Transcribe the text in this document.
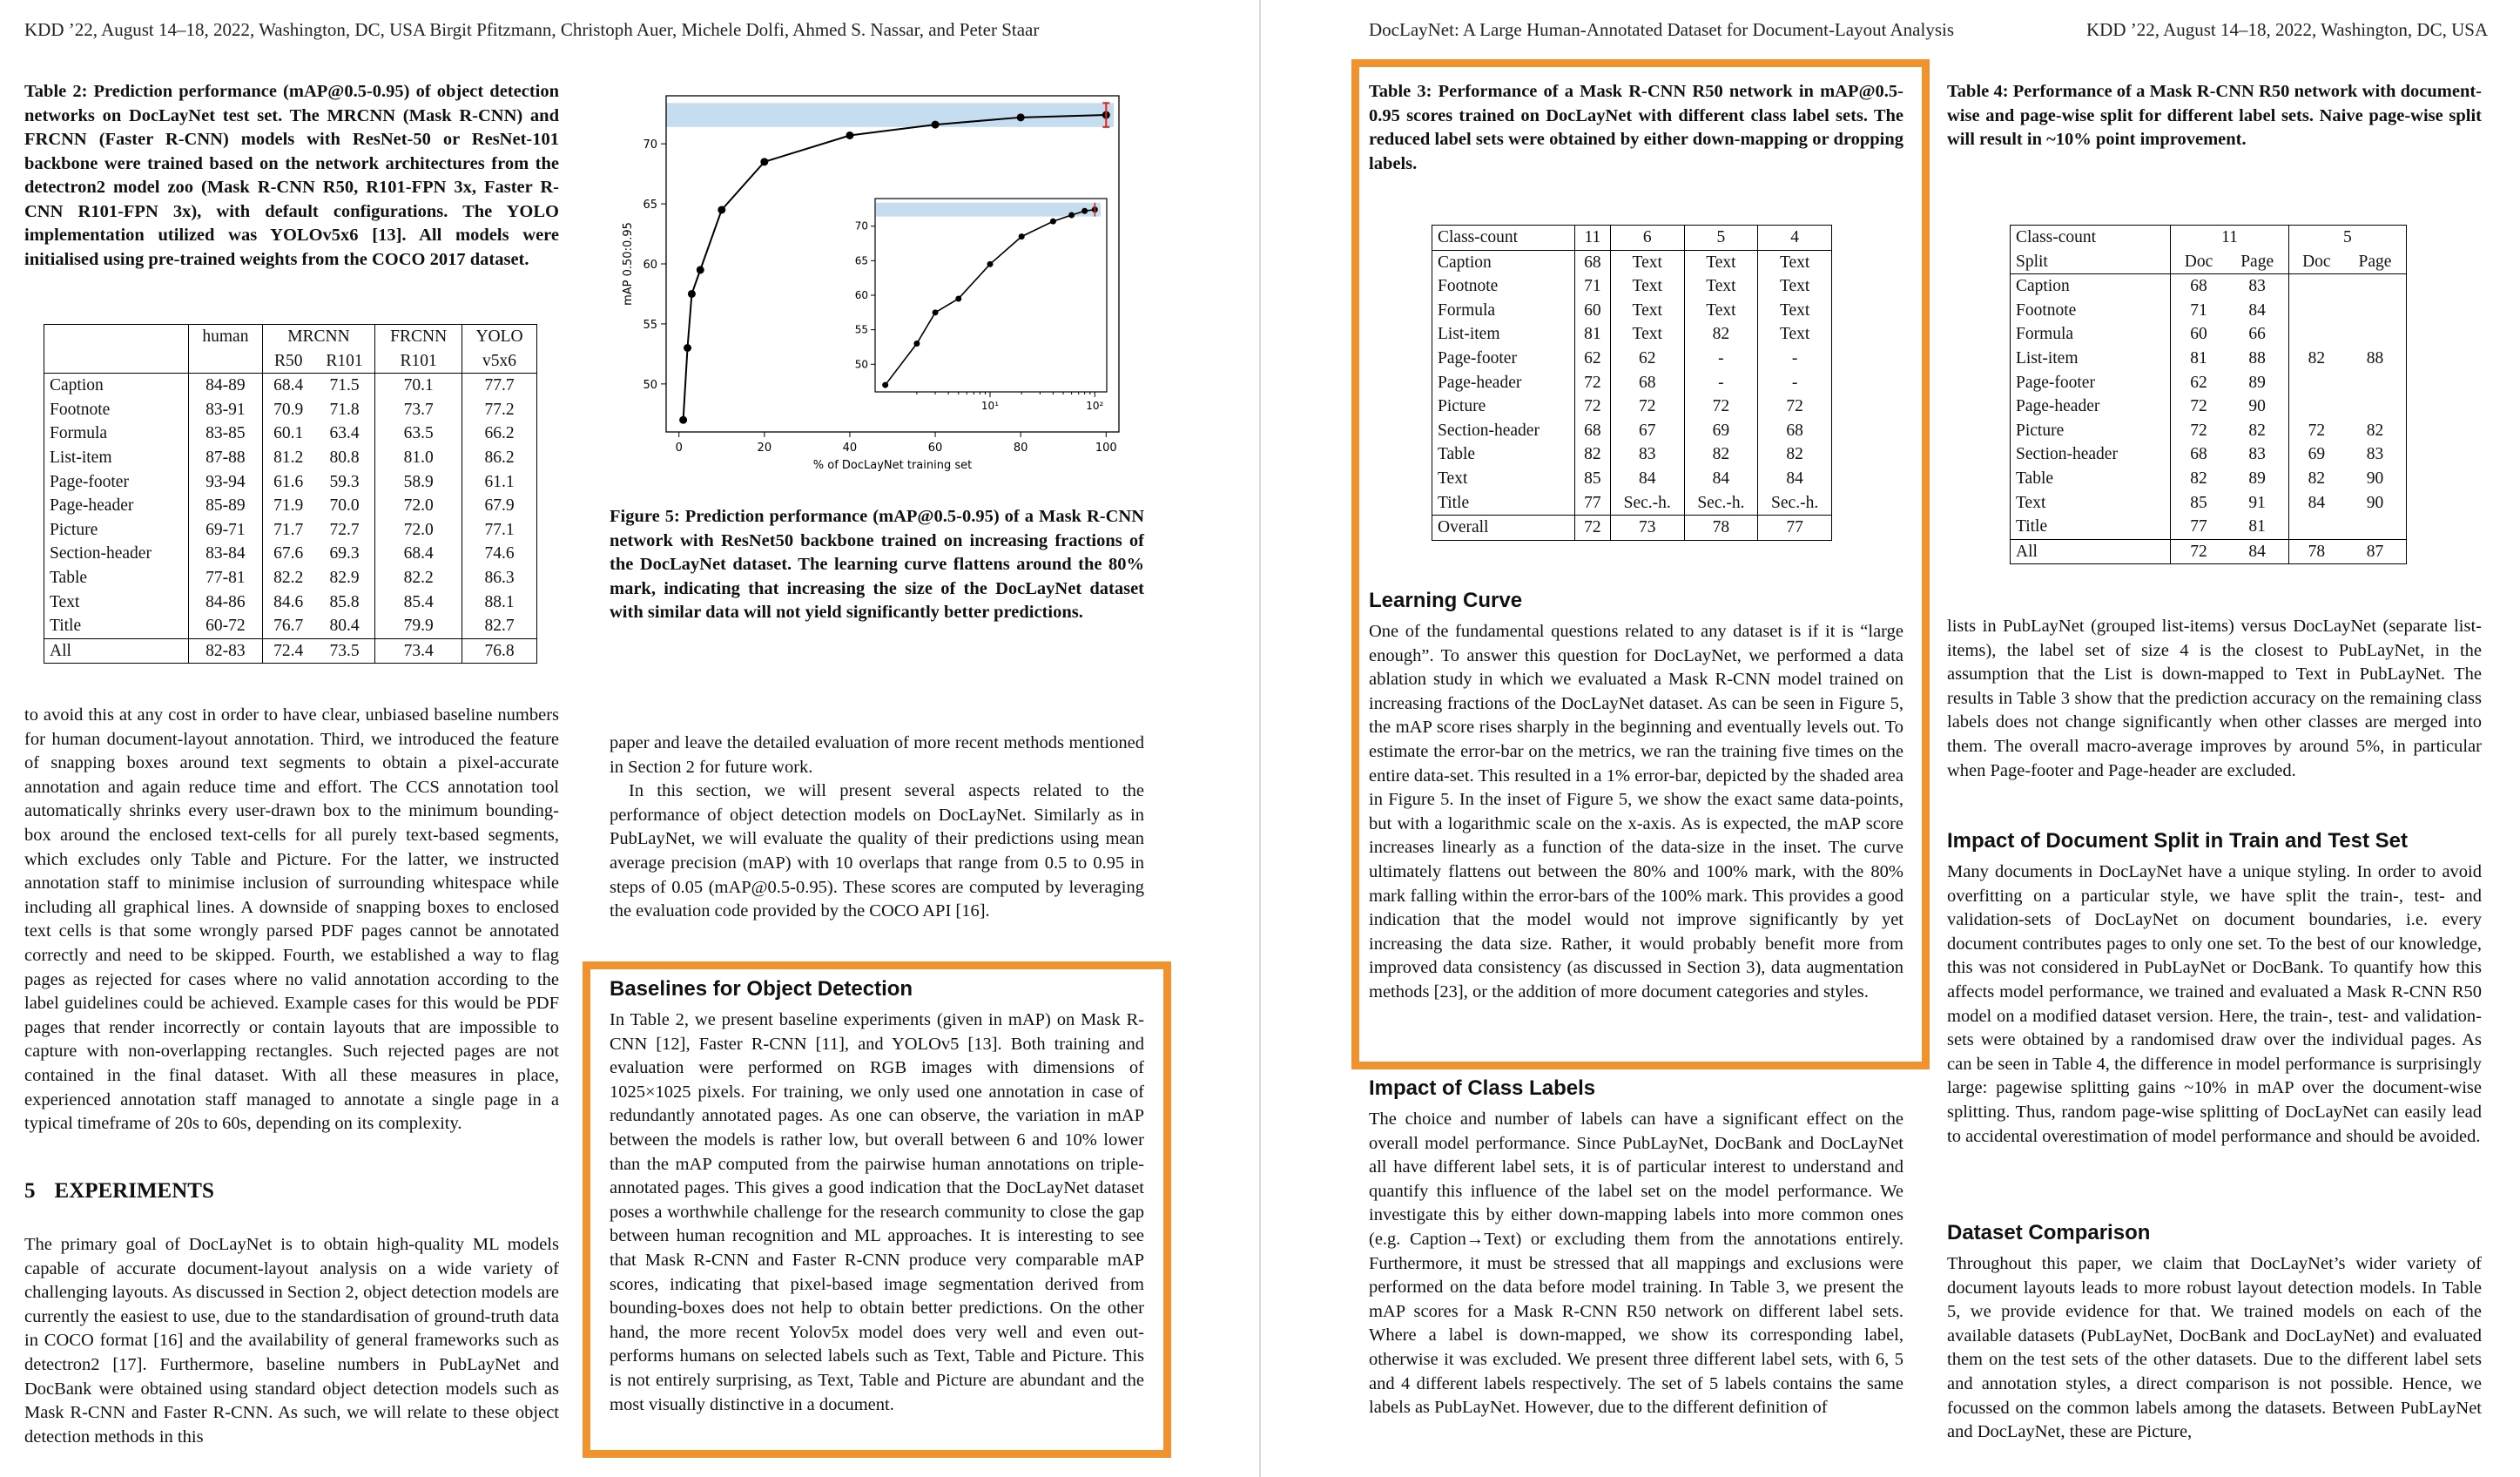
KDD ’22, August 14–18, 2022, Washington, DC, USA Birgit Pfitzmann, Christoph Auer, Michele Dolfi, Ahmed S. Nassar, and Peter Staar
Table 2: Prediction performance (mAP@0.5-0.95) of object detection networks on DocLayNet test set. The MRCNN (Mask R-CNN) and FRCNN (Faster R-CNN) models with ResNet-50 or ResNet-101 backbone were trained based on the network architectures from the detectron2 model zoo (Mask R-CNN R50, R101-FPN 3x, Faster R-CNN R101-FPN 3x), with default configurations. The YOLO implementation utilized was YOLOv5x6 [13]. All models were initialised using pre-trained weights from the COCO 2017 dataset.
	human	MRCNN		FRCNN	YOLO
		R50	R101	R101	v5x6
Caption	84-89	68.4	71.5	70.1	77.7
Footnote	83-91	70.9	71.8	73.7	77.2
Formula	83-85	60.1	63.4	63.5	66.2
List-item	87-88	81.2	80.8	81.0	86.2
Page-footer	93-94	61.6	59.3	58.9	61.1
Page-header	85-89	71.9	70.0	72.0	67.9
Picture	69-71	71.7	72.7	72.0	77.1
Section-header	83-84	67.6	69.3	68.4	74.6
Table	77-81	82.2	82.9	82.2	86.3
Text	84-86	84.6	85.8	85.4	88.1
Title	60-72	76.7	80.4	79.9	82.7
All	82-83	72.4	73.5	73.4	76.8
0	20	40	60	80	100
50
55
60
65
70
% of DocLayNet training set
mAP 0.50:0.95
50
55
60
65
70
10¹	10²
Figure 5: Prediction performance (mAP@0.5-0.95) of a Mask R-CNN network with ResNet50 backbone trained on increasing fractions of the DocLayNet dataset. The learning curve flattens around the 80% mark, indicating that increasing the size of the DocLayNet dataset with similar data will not yield significantly better predictions.
to avoid this at any cost in order to have clear, unbiased baseline numbers for human document-layout annotation. Third, we introduced the feature of snapping boxes around text segments to obtain a pixel-accurate annotation and again reduce time and effort. The CCS annotation tool automatically shrinks every user-drawn box to the minimum bounding-box around the enclosed text-cells for all purely text-based segments, which excludes only Table and Picture. For the latter, we instructed annotation staff to minimise inclusion of surrounding whitespace while including all graphical lines. A downside of snapping boxes to enclosed text cells is that some wrongly parsed PDF pages cannot be annotated correctly and need to be skipped. Fourth, we established a way to flag pages as rejected for cases where no valid annotation according to the label guidelines could be achieved. Example cases for this would be PDF pages that render incorrectly or contain layouts that are impossible to capture with non-overlapping rectangles. Such rejected pages are not contained in the final dataset. With all these measures in place, experienced annotation staff managed to annotate a single page in a typical timeframe of 20s to 60s, depending on its complexity.
5 EXPERIMENTS
The primary goal of DocLayNet is to obtain high-quality ML models capable of accurate document-layout analysis on a wide variety of challenging layouts. As discussed in Section 2, object detection models are currently the easiest to use, due to the standardisation of ground-truth data in COCO format [16] and the availability of general frameworks such as detectron2 [17]. Furthermore, baseline numbers in PubLayNet and DocBank were obtained using standard object detection models such as Mask R-CNN and Faster R-CNN. As such, we will relate to these object detection methods in this

paper and leave the detailed evaluation of more recent methods mentioned in Section 2 for future work.

In this section, we will present several aspects related to the performance of object detection models on DocLayNet. Similarly as in PubLayNet, we will evaluate the quality of their predictions using mean average precision (mAP) with 10 overlaps that range from 0.5 to 0.95 in steps of 0.05 (mAP@0.5-0.95). These scores are computed by leveraging the evaluation code provided by the COCO API [16].

Baselines for Object Detection
In Table 2, we present baseline experiments (given in mAP) on Mask R-CNN [12], Faster R-CNN [11], and YOLOv5 [13]. Both training and evaluation were performed on RGB images with dimensions of 1025×1025 pixels. For training, we only used one annotation in case of redundantly annotated pages. As one can observe, the variation in mAP between the models is rather low, but overall between 6 and 10% lower than the mAP computed from the pairwise human annotations on triple-annotated pages. This gives a good indication that the DocLayNet dataset poses a worthwhile challenge for the research community to close the gap between human recognition and ML approaches. It is interesting to see that Mask R-CNN and Faster R-CNN produce very comparable mAP scores, indicating that pixel-based image segmentation derived from bounding-boxes does not help to obtain better predictions. On the other hand, the more recent Yolov5x model does very well and even out-performs humans on selected labels such as Text, Table and Picture. This is not entirely surprising, as Text, Table and Picture are abundant and the most visually distinctive in a document.
DocLayNet: A Large Human-Annotated Dataset for Document-Layout Analysis	KDD ’22, August 14–18, 2022, Washington, DC, USA
Table 3: Performance of a Mask R-CNN R50 network in mAP@0.5-0.95 scores trained on DocLayNet with different class label sets. The reduced label sets were obtained by either down-mapping or dropping labels.
Class-count	11	6	5	4
Caption	68	Text	Text	Text
Footnote	71	Text	Text	Text
Formula	60	Text	Text	Text
List-item	81	Text	82	Text
Page-footer	62	62	-	-
Page-header	72	68	-	-
Picture	72	72	72	72
Section-header	68	67	69	68
Table	82	83	82	82
Text	85	84	84	84
Title	77	Sec.-h.	Sec.-h.	Sec.-h.
Overall	72	73	78	77
Learning Curve
One of the fundamental questions related to any dataset is if it is “large enough”. To answer this question for DocLayNet, we performed a data ablation study in which we evaluated a Mask R-CNN model trained on increasing fractions of the DocLayNet dataset. As can be seen in Figure 5, the mAP score rises sharply in the beginning and eventually levels out. To estimate the error-bar on the metrics, we ran the training five times on the entire data-set. This resulted in a 1% error-bar, depicted by the shaded area in Figure 5. In the inset of Figure 5, we show the exact same data-points, but with a logarithmic scale on the x-axis. As is expected, the mAP score increases linearly as a function of the data-size in the inset. The curve ultimately flattens out between the 80% and 100% mark, with the 80% mark falling within the error-bars of the 100% mark. This provides a good indication that the model would not improve significantly by yet increasing the data size. Rather, it would probably benefit more from improved data consistency (as discussed in Section 3), data augmentation methods [23], or the addition of more document categories and styles.
Impact of Class Labels
The choice and number of labels can have a significant effect on the overall model performance. Since PubLayNet, DocBank and DocLayNet all have different label sets, it is of particular interest to understand and quantify this influence of the label set on the model performance. We investigate this by either down-mapping labels into more common ones (e.g. Caption→Text) or excluding them from the annotations entirely. Furthermore, it must be stressed that all mappings and exclusions were performed on the data before model training. In Table 3, we present the mAP scores for a Mask R-CNN R50 network on different label sets. Where a label is down-mapped, we show its corresponding label, otherwise it was excluded. We present three different label sets, with 6, 5 and 4 different labels respectively. The set of 5 labels contains the same labels as PubLayNet. However, due to the different definition of
Table 4: Performance of a Mask R-CNN R50 network with document-wise and page-wise split for different label sets. Naive page-wise split will result in ~10% point improvement.
Class-count	11		5	
Split	Doc	Page	Doc	Page
Caption	68	83		
Footnote	71	84		
Formula	60	66		
List-item	81	88	82	88
Page-footer	62	89		
Page-header	72	90		
Picture	72	82	72	82
Section-header	68	83	69	83
Table	82	89	82	90
Text	85	91	84	90
Title	77	81		
All	72	84	78	87
lists in PubLayNet (grouped list-items) versus DocLayNet (separate list-items), the label set of size 4 is the closest to PubLayNet, in the assumption that the List is down-mapped to Text in PubLayNet. The results in Table 3 show that the prediction accuracy on the remaining class labels does not change significantly when other classes are merged into them. The overall macro-average improves by around 5%, in particular when Page-footer and Page-header are excluded.
Impact of Document Split in Train and Test Set
Many documents in DocLayNet have a unique styling. In order to avoid overfitting on a particular style, we have split the train-, test- and validation-sets of DocLayNet on document boundaries, i.e. every document contributes pages to only one set. To the best of our knowledge, this was not considered in PubLayNet or DocBank. To quantify how this affects model performance, we trained and evaluated a Mask R-CNN R50 model on a modified dataset version. Here, the train-, test- and validation-sets were obtained by a randomised draw over the individual pages. As can be seen in Table 4, the difference in model performance is surprisingly large: pagewise splitting gains ~10% in mAP over the document-wise splitting. Thus, random page-wise splitting of DocLayNet can easily lead to accidental overestimation of model performance and should be avoided.
Dataset Comparison
Throughout this paper, we claim that DocLayNet’s wider variety of document layouts leads to more robust layout detection models. In Table 5, we provide evidence for that. We trained models on each of the available datasets (PubLayNet, DocBank and DocLayNet) and evaluated them on the test sets of the other datasets. Due to the different label sets and annotation styles, a direct comparison is not possible. Hence, we focussed on the common labels among the datasets. Between PubLayNet and DocLayNet, these are Picture,
